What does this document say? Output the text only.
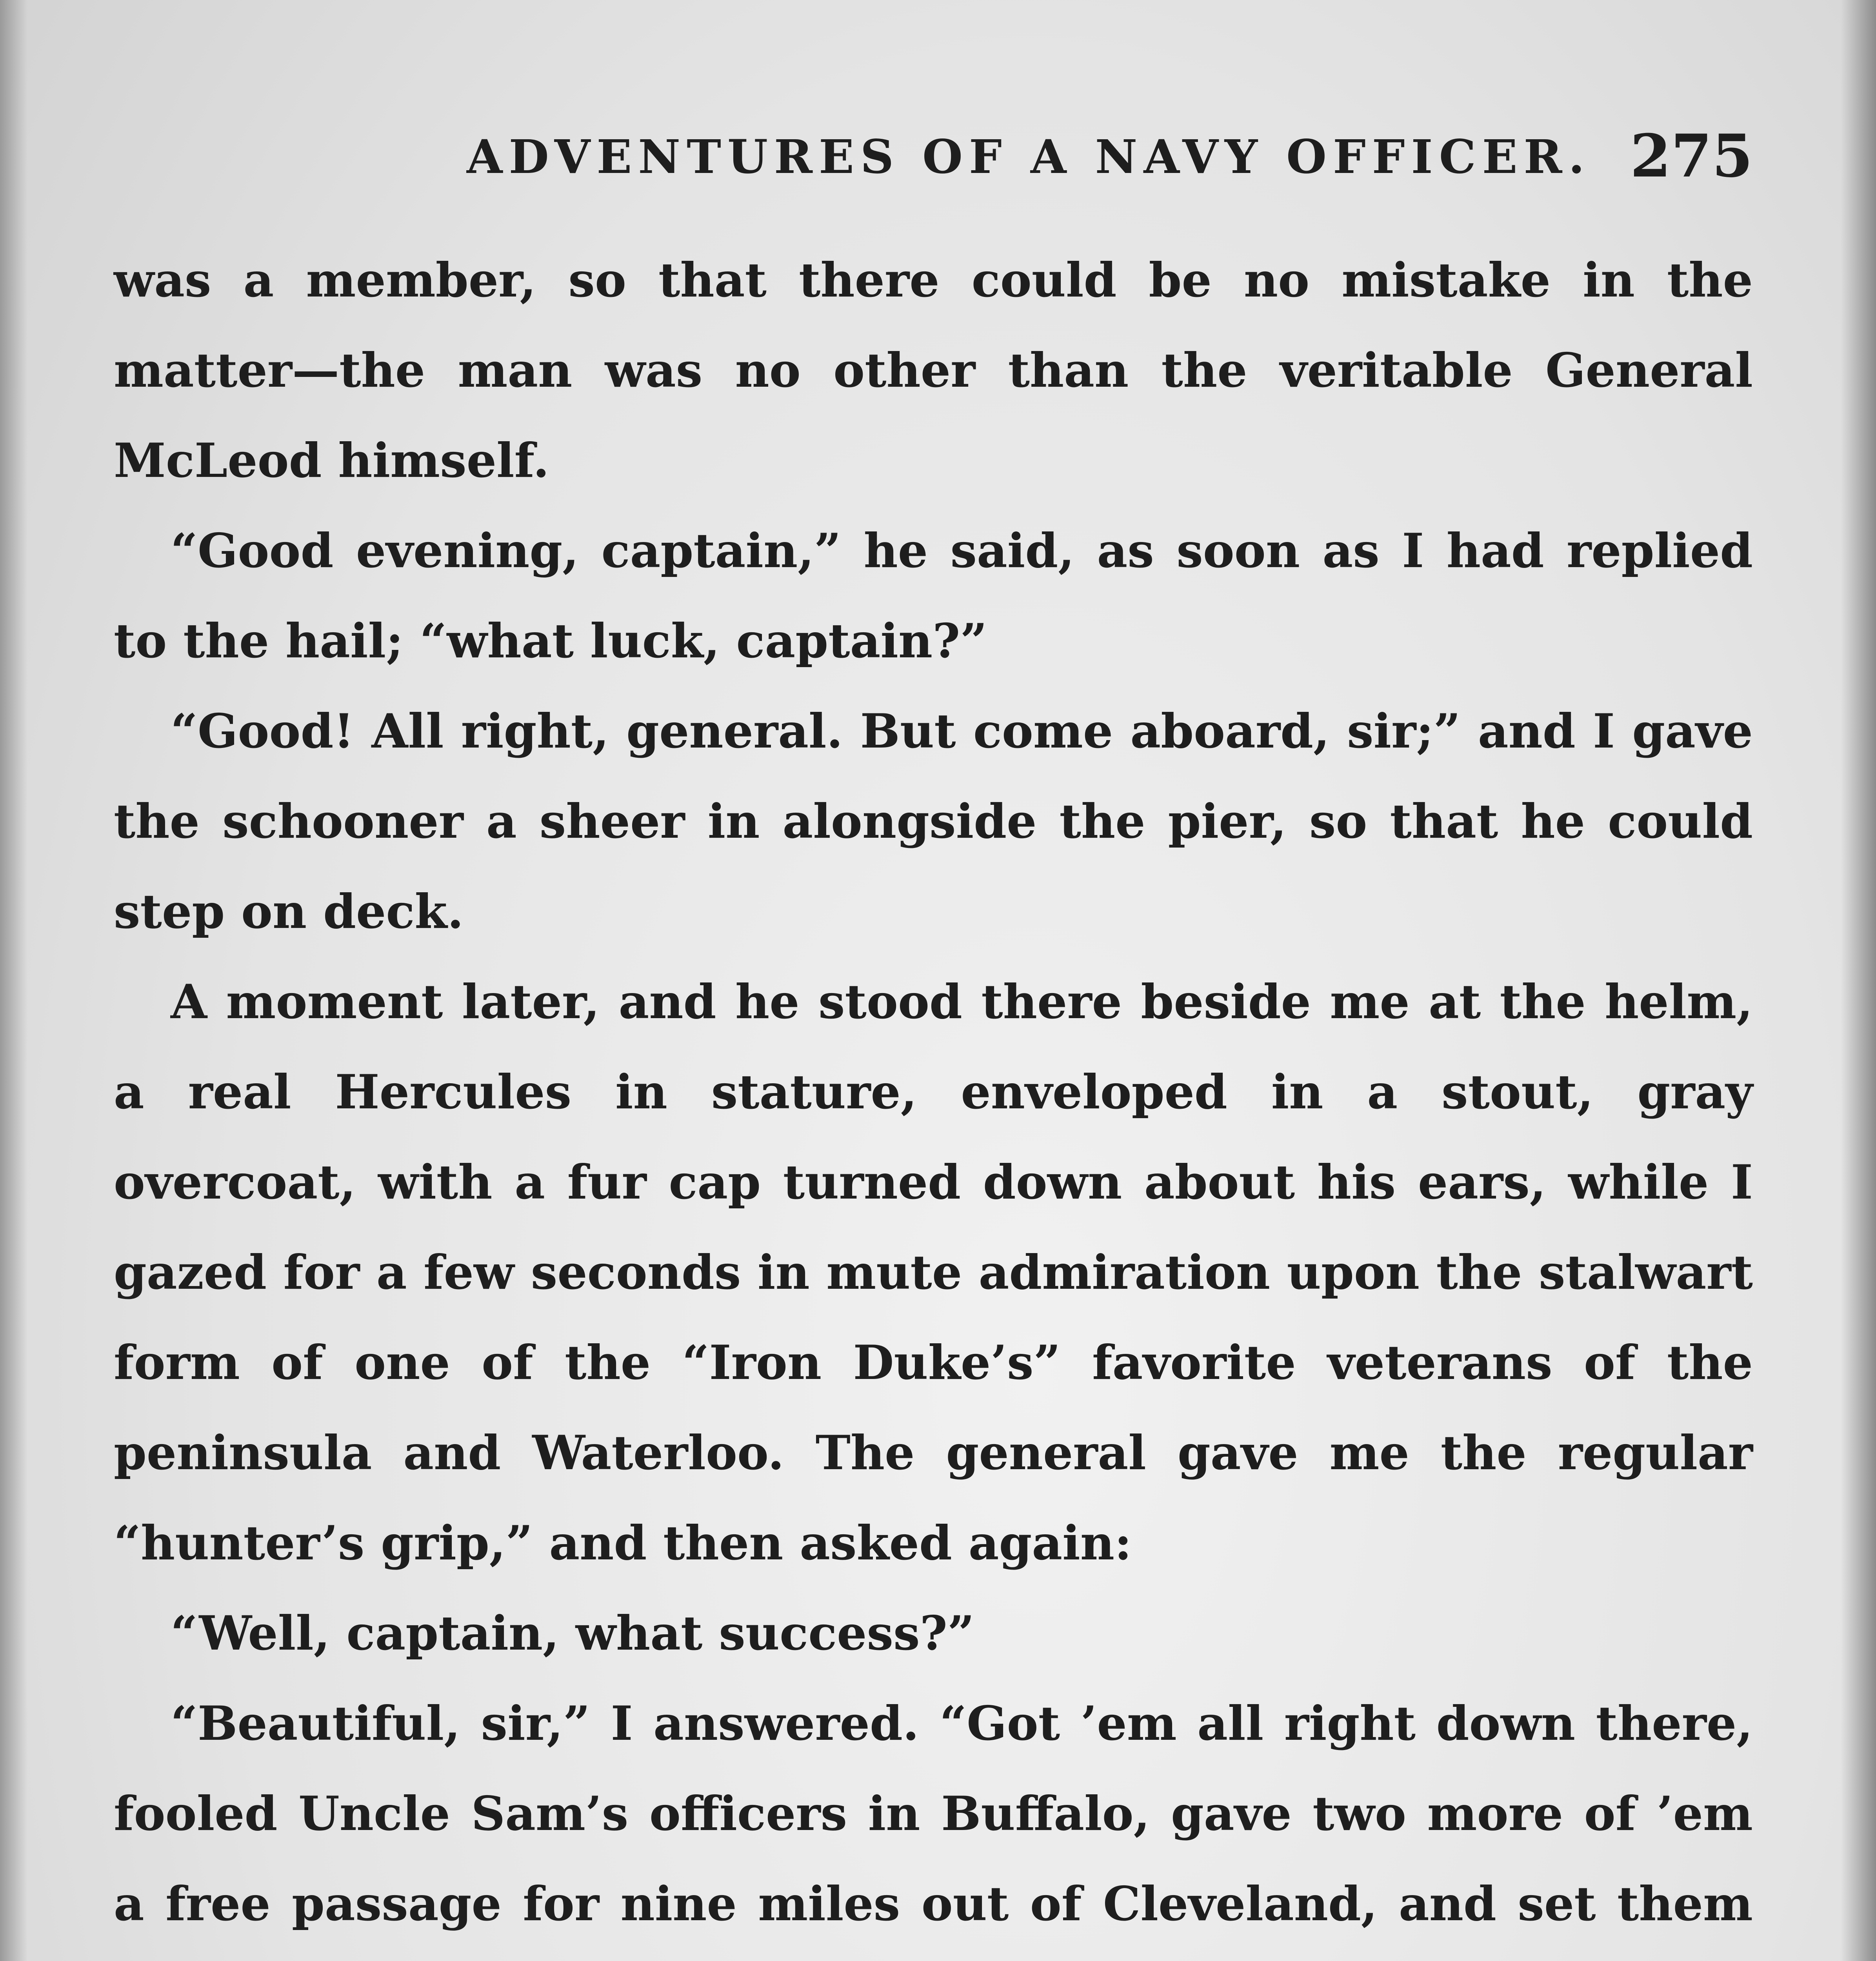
ADVENTURES OF A NAVY OFFICER. 275

was a member, so that there could be no mistake in the matter—the man was no other than the veritable General McLeod himself.

“Good evening, captain,” he said, as soon as I had replied to the hail; “what luck, captain?”

“Good! All right, general. But come aboard, sir;” and I gave the schooner a sheer in alongside the pier, so that he could step on deck.

A moment later, and he stood there beside me at the helm, a real Hercules in stature, enveloped in a stout, gray overcoat, with a fur cap turned down about his ears, while I gazed for a few seconds in mute admiration upon the stalwart form of one of the “Iron Duke’s” favorite veterans of the peninsula and Waterloo. The general gave me the regular “hunter’s grip,” and then asked again:

“Well, captain, what success?”

“Beautiful, sir,” I answered. “Got ’em all right down there, fooled Uncle Sam’s officers in Buffalo, gave two more of ’em a free passage for nine miles out of Cleveland, and set them
